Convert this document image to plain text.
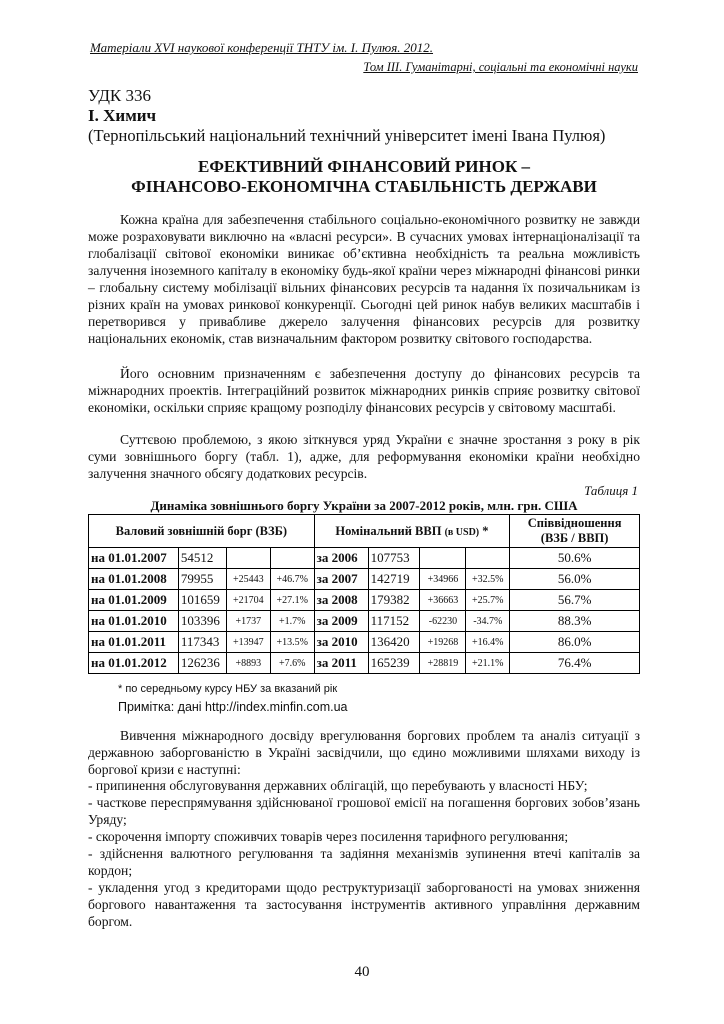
Матеріали XVI наукової конференції ТНТУ ім. І. Пулюя. 2012.
Том ІІІ. Гуманітарні, соціальні та економічні науки
УДК 336
І. Химич
(Тернопільський національний технічний університет імені Івана Пулюя)
ЕФЕКТИВНИЙ ФІНАНСОВИЙ РИНОК –
ФІНАНСОВО-ЕКОНОМІЧНА СТАБІЛЬНІСТЬ ДЕРЖАВИ

Кожна країна для забезпечення стабільного соціально-економічного розвитку не завжди може розраховувати виключно на «власні ресурси». В сучасних умовах інтернаціоналізації та глобалізації світової економіки виникає об’єктивна необхідність та реальна можливість залучення іноземного капіталу в економіку будь-якої країни через міжнародні фінансові ринки – глобальну систему мобілізації вільних фінансових ресурсів та надання їх позичальникам із різних країн на умовах ринкової конкуренції. Сьогодні цей ринок набув великих масштабів і перетворився у привабливе джерело залучення фінансових ресурсів для розвитку національних економік, став визначальним фактором розвитку світового господарства.

Його основним призначенням є забезпечення доступу до фінансових ресурсів та міжнародних проектів. Інтеграційний розвиток міжнародних ринків сприяє розвитку світової економіки, оскільки сприяє кращому розподілу фінансових ресурсів у світовому масштабі.

Суттєвою проблемою, з якою зіткнувся уряд України є значне зростання з року в рік суми зовнішнього боргу (табл. 1), адже, для реформування економіки країни необхідно залучення значного обсягу додаткових ресурсів.

Таблиця 1
Динаміка зовнішнього боргу України за 2007-2012 років, млн. грн. США
Валовий зовнішній борг (ВЗБ)				Номінальний ВВП (в USD) *				Співвідношення
(ВЗБ / ВВП)
на 01.01.2007	54512			за 2006	107753			50.6%
на 01.01.2008	79955	+25443	+46.7%	за 2007	142719	+34966	+32.5%	56.0%
на 01.01.2009	101659	+21704	+27.1%	за 2008	179382	+36663	+25.7%	56.7%
на 01.01.2010	103396	+1737	+1.7%	за 2009	117152	-62230	-34.7%	88.3%
на 01.01.2011	117343	+13947	+13.5%	за 2010	136420	+19268	+16.4%	86.0%
на 01.01.2012	126236	+8893	+7.6%	за 2011	165239	+28819	+21.1%	76.4%
* по середньому курсу НБУ за вказаний рік
Примітка: дані http://index.minfin.com.ua

Вивчення міжнародного досвіду врегулювання боргових проблем та аналіз ситуації з державною заборгованістю в Україні засвідчили, що єдино можливими шляхами виходу із боргової кризи є наступні:

- припинення обслуговування державних облігацій, що перебувають у власності НБУ;
- часткове переспрямування здійснюваної грошової емісії на погашення боргових зобов’язань Уряду;
- скорочення імпорту споживчих товарів через посилення тарифного регулювання;
- здійснення валютного регулювання та задіяння механізмів зупинення втечі капіталів за кордон;
- укладення угод з кредиторами щодо реструктуризації заборгованості на умовах зниження боргового навантаження та застосування інструментів активного управління державним боргом.
40
